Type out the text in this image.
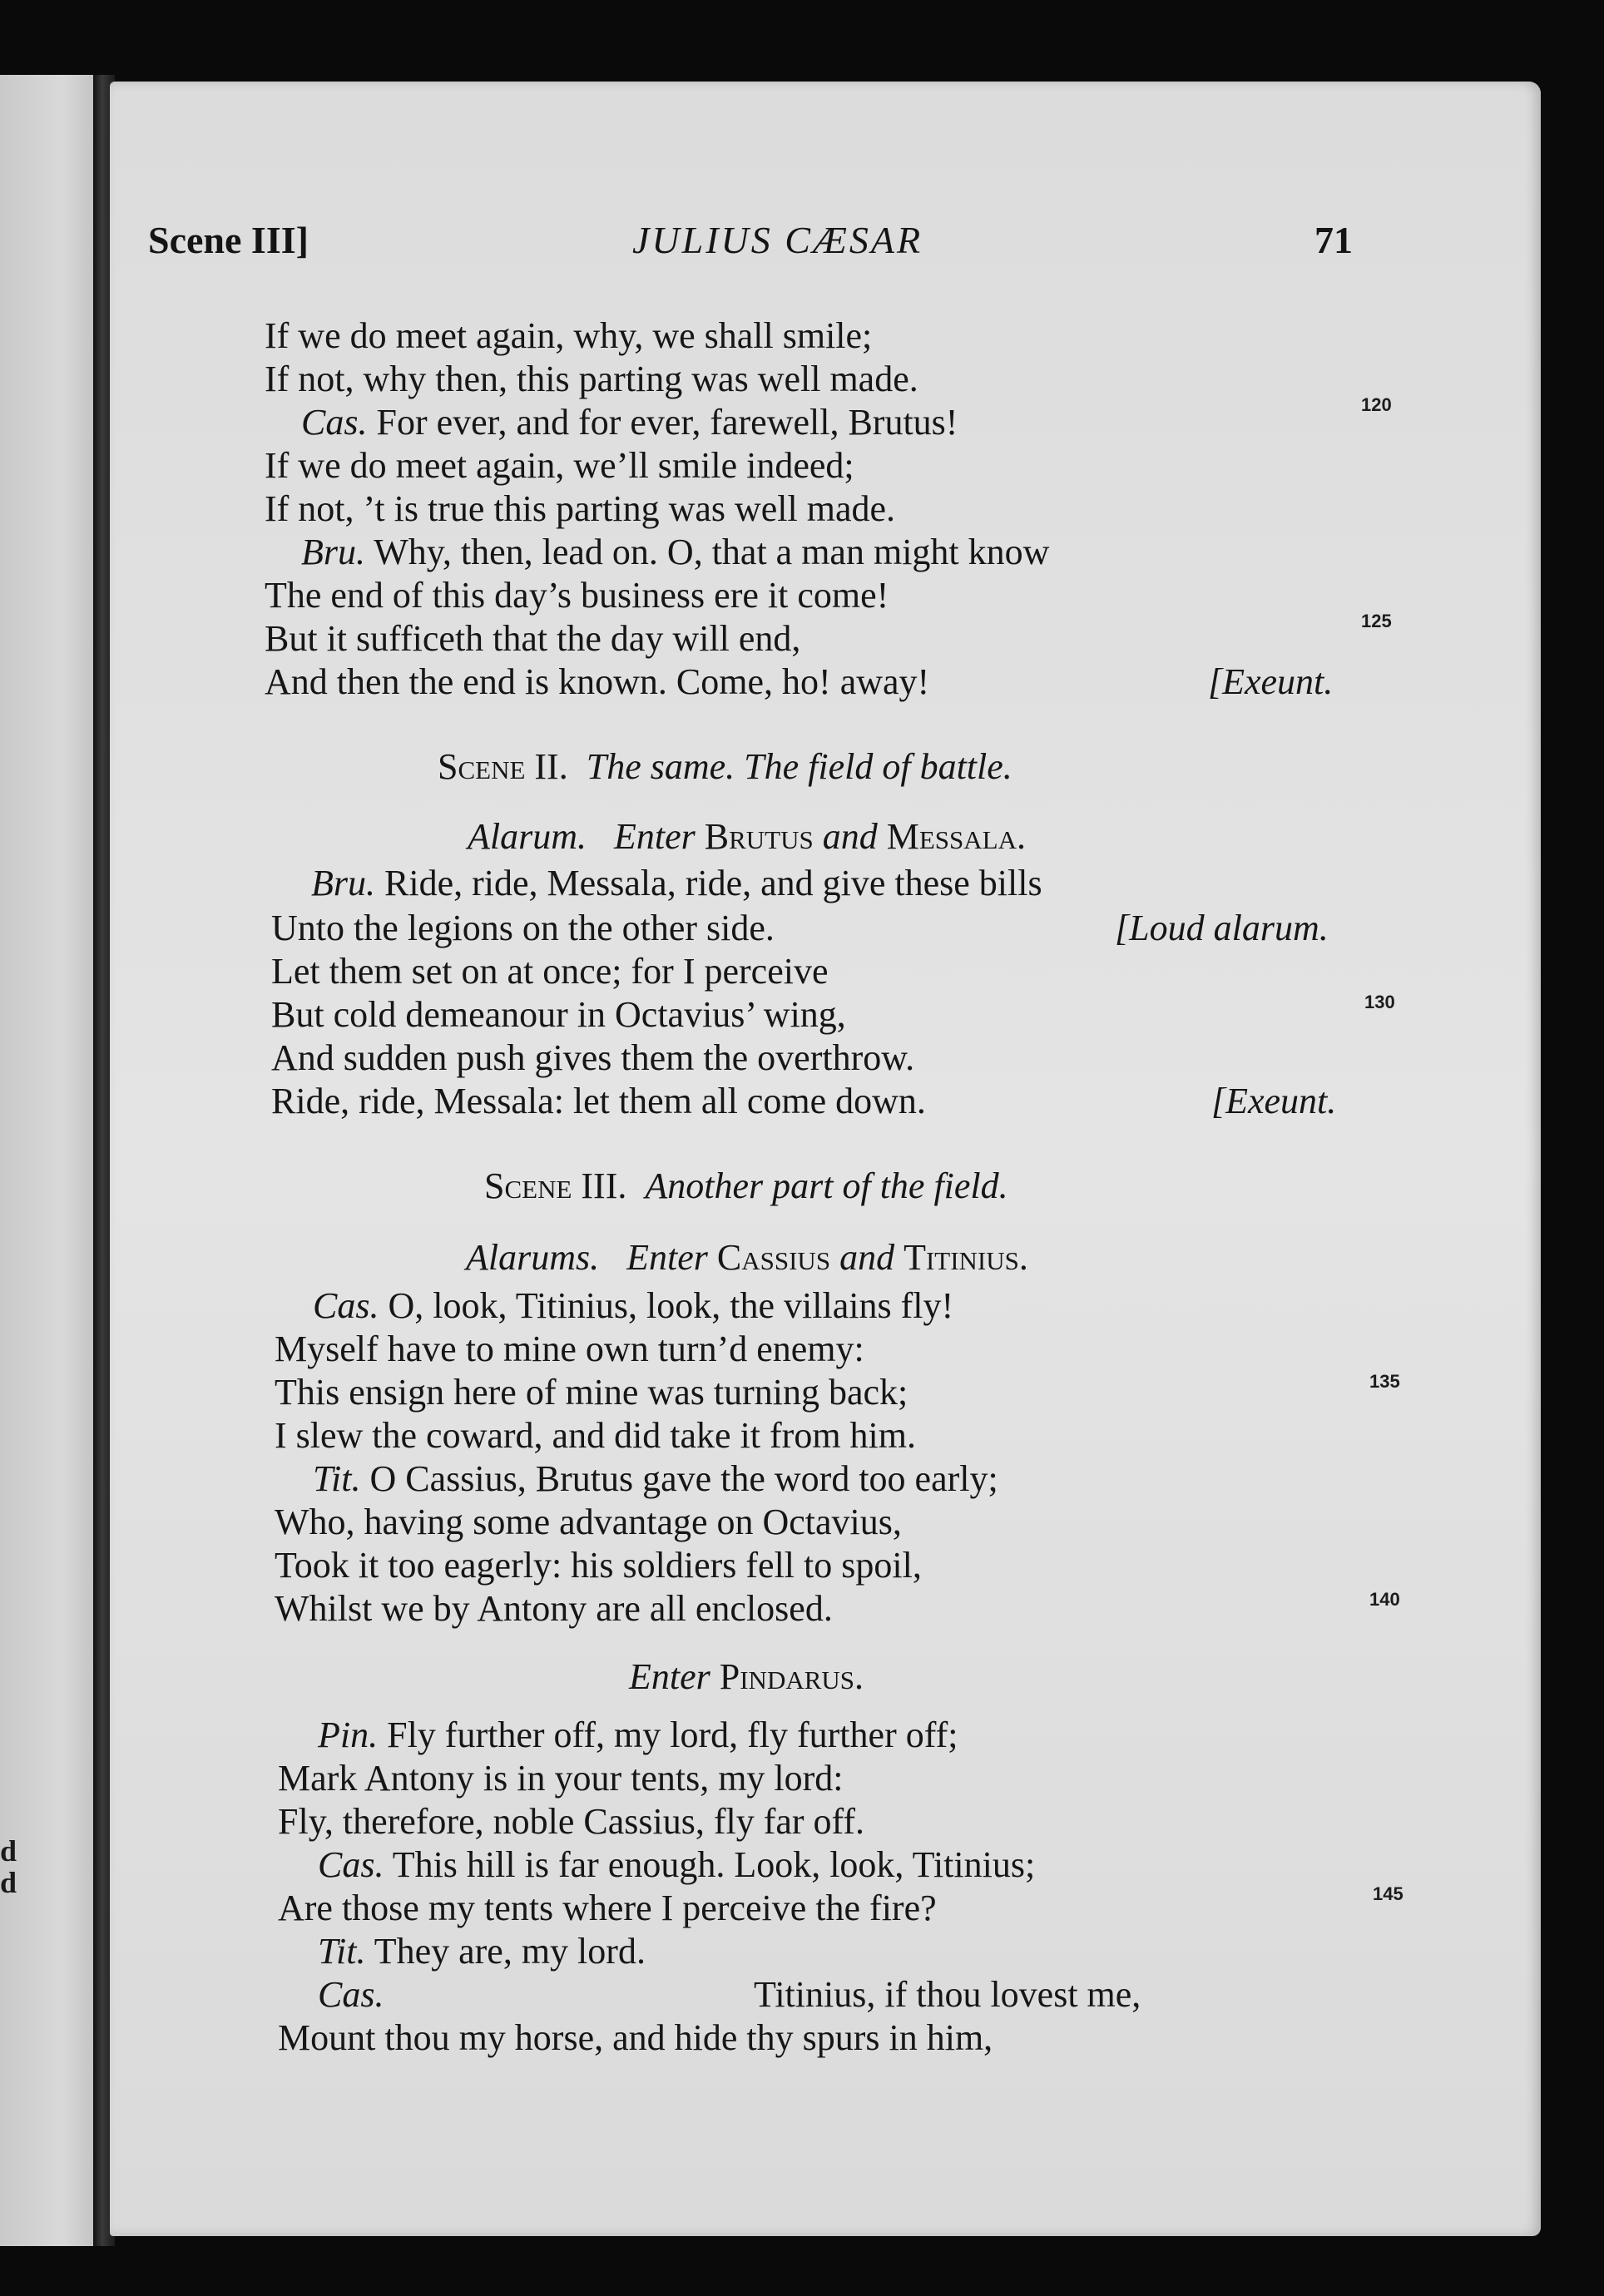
d
d
Scene III]	JULIUS CÆSAR	71
If we do meet again, why, we shall smile;
If not, why then, this parting was well made.
Cas. For ever, and for ever, farewell, Brutus!
If we do meet again, we’ll smile indeed;
If not, ’t is true this parting was well made.
Bru. Why, then, lead on. O, that a man might know
The end of this day’s business ere it come!
But it sufficeth that the day will end,
And then the end is known. Come, ho! away!	[Exeunt.
Scene II. The same. The field of battle.
Alarum. Enter Brutus and Messala.
Bru. Ride, ride, Messala, ride, and give these bills
Unto the legions on the other side.	[Loud alarum.
Let them set on at once; for I perceive
But cold demeanour in Octavius’ wing,
And sudden push gives them the overthrow.
Ride, ride, Messala: let them all come down.	[Exeunt.
Scene III. Another part of the field.
Alarums. Enter Cassius and Titinius.
Cas. O, look, Titinius, look, the villains fly!
Myself have to mine own turn’d enemy:
This ensign here of mine was turning back;
I slew the coward, and did take it from him.
Tit. O Cassius, Brutus gave the word too early;
Who, having some advantage on Octavius,
Took it too eagerly: his soldiers fell to spoil,
Whilst we by Antony are all enclosed.
Enter Pindarus.
Pin. Fly further off, my lord, fly further off;
Mark Antony is in your tents, my lord:
Fly, therefore, noble Cassius, fly far off.
Cas. This hill is far enough. Look, look, Titinius;
Are those my tents where I perceive the fire?
Tit. They are, my lord.
Cas.	Titinius, if thou lovest me,
Mount thou my horse, and hide thy spurs in him,
120
125
130
135
140
145
